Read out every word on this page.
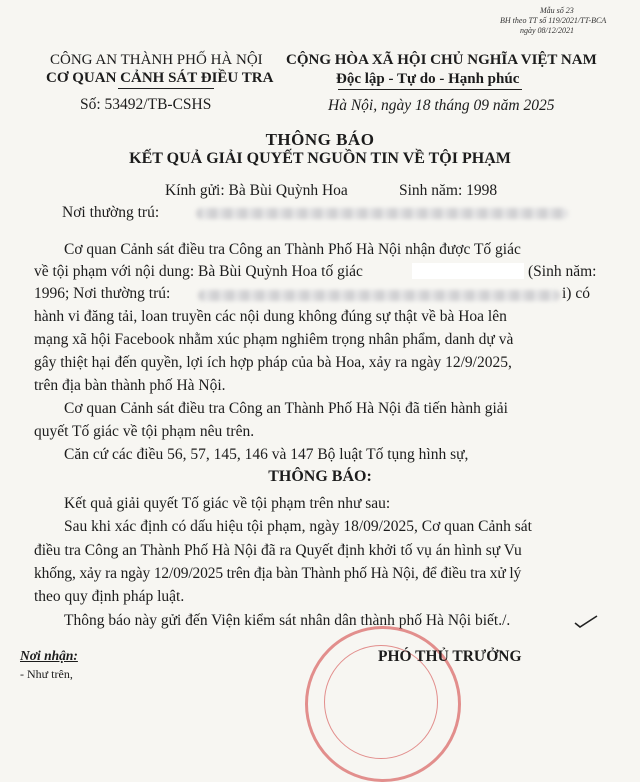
Mẫu số 23
BH theo TT số 119/2021/TT-BCA
ngày 08/12/2021
CÔNG AN THÀNH PHỐ HÀ NỘI
CƠ QUAN CẢNH SÁT ĐIỀU TRA
Số: 53492/TB-CSHS
CỘNG HÒA XÃ HỘI CHỦ NGHĨA VIỆT NAM
Độc lập - Tự do - Hạnh phúc
Hà Nội, ngày 18 tháng 09 năm 2025
THÔNG BÁO
KẾT QUẢ GIẢI QUYẾT NGUỒN TIN VỀ TỘI PHẠM
Kính gửi: Bà Bùi Quỳnh Hoa	Sinh năm: 1998
Nơi thường trú:
Cơ quan Cảnh sát điều tra Công an Thành Phố Hà Nội nhận được Tố giác
về tội phạm với nội dung: Bà Bùi Quỳnh Hoa tố giác	(Sinh năm:
1996; Nơi thường trú:	i) có
hành vi đăng tải, loan truyền các nội dung không đúng sự thật về bà Hoa lên
mạng xã hội Facebook nhằm xúc phạm nghiêm trọng nhân phẩm, danh dự và
gây thiệt hại đến quyền, lợi ích hợp pháp của bà Hoa, xảy ra ngày 12/9/2025,
trên địa bàn thành phố Hà Nội.
Cơ quan Cảnh sát điều tra Công an Thành Phố Hà Nội đã tiến hành giải
quyết Tố giác về tội phạm nêu trên.
Căn cứ các điều 56, 57, 145, 146 và 147 Bộ luật Tố tụng hình sự,
THÔNG BÁO:
Kết quả giải quyết Tố giác về tội phạm trên như sau:
Sau khi xác định có dấu hiệu tội phạm, ngày 18/09/2025, Cơ quan Cảnh sát
điều tra Công an Thành Phố Hà Nội đã ra Quyết định khởi tố vụ án hình sự Vu
khống, xảy ra ngày 12/09/2025 trên địa bàn Thành phố Hà Nội, để điều tra xử lý
theo quy định pháp luật.
Thông báo này gửi đến Viện kiểm sát nhân dân thành phố Hà Nội biết./.
Nơi nhận:
- Như trên,
PHÓ THỦ TRƯỞNG
